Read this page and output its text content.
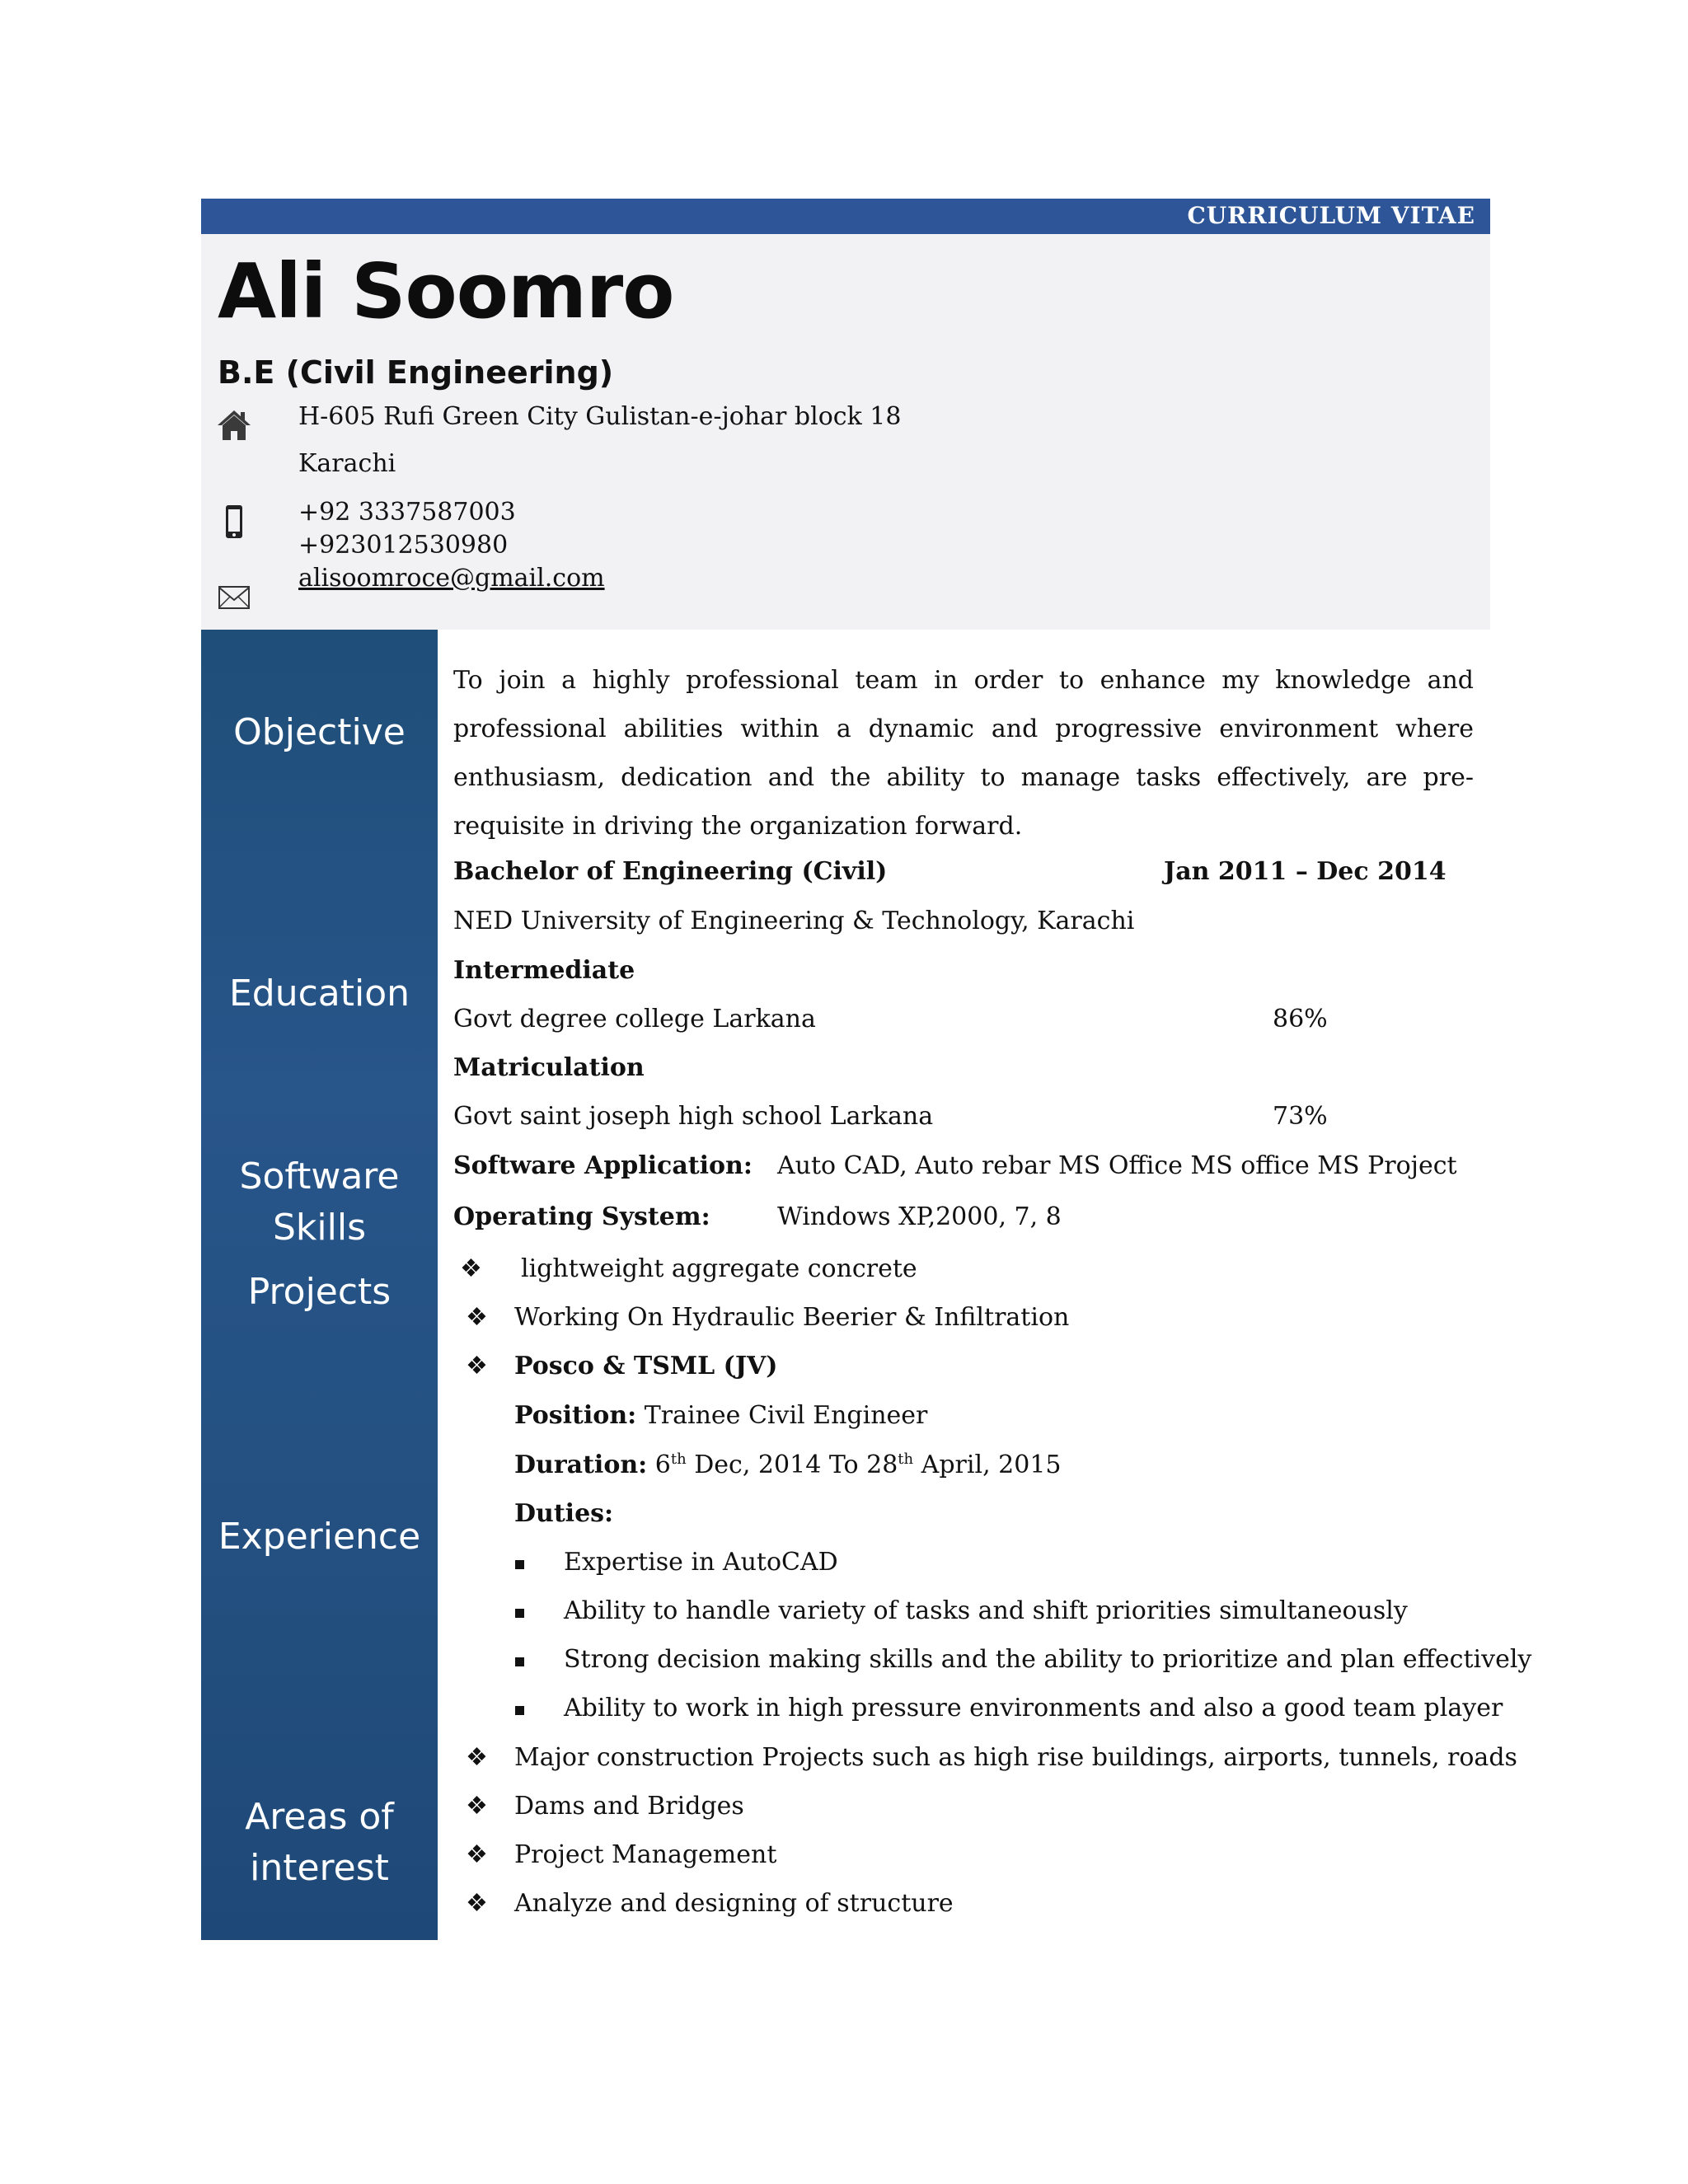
CURRICULUM VITAE
Ali Soomro
B.E (Civil Engineering)
H-605 Rufi Green City Gulistan-e-johar block 18
Karachi
+92 3337587003
+923012530980
alisoomroce@gmail.com
Objective
Education
Software
Skills
Projects
Experience
Areas of
interest
To join a highly professional team in order to enhance my knowledge and professional abilities within a dynamic and progressive environment where enthusiasm, dedication and the ability to manage tasks effectively, are pre-requisite in driving the organization forward.
Bachelor of Engineering (Civil)	Jan 2011 – Dec 2014
NED University of Engineering & Technology, Karachi
Intermediate
Govt degree college Larkana	86%
Matriculation
Govt saint joseph high school Larkana	73%
Software Application: Auto CAD, Auto rebar MS Office MS office MS Project
Operating System:	Windows XP,2000, 7, 8
❖ lightweight aggregate concrete
❖ Working On Hydraulic Beerier & Infiltration
❖ Posco & TSML (JV)
Position: Trainee Civil Engineer
Duration: 6th Dec, 2014 To 28th April, 2015
Duties:
Expertise in AutoCAD
Ability to handle variety of tasks and shift priorities simultaneously
Strong decision making skills and the ability to prioritize and plan effectively
Ability to work in high pressure environments and also a good team player
❖ Major construction Projects such as high rise buildings, airports, tunnels, roads
❖ Dams and Bridges
❖ Project Management
❖ Analyze and designing of structure
